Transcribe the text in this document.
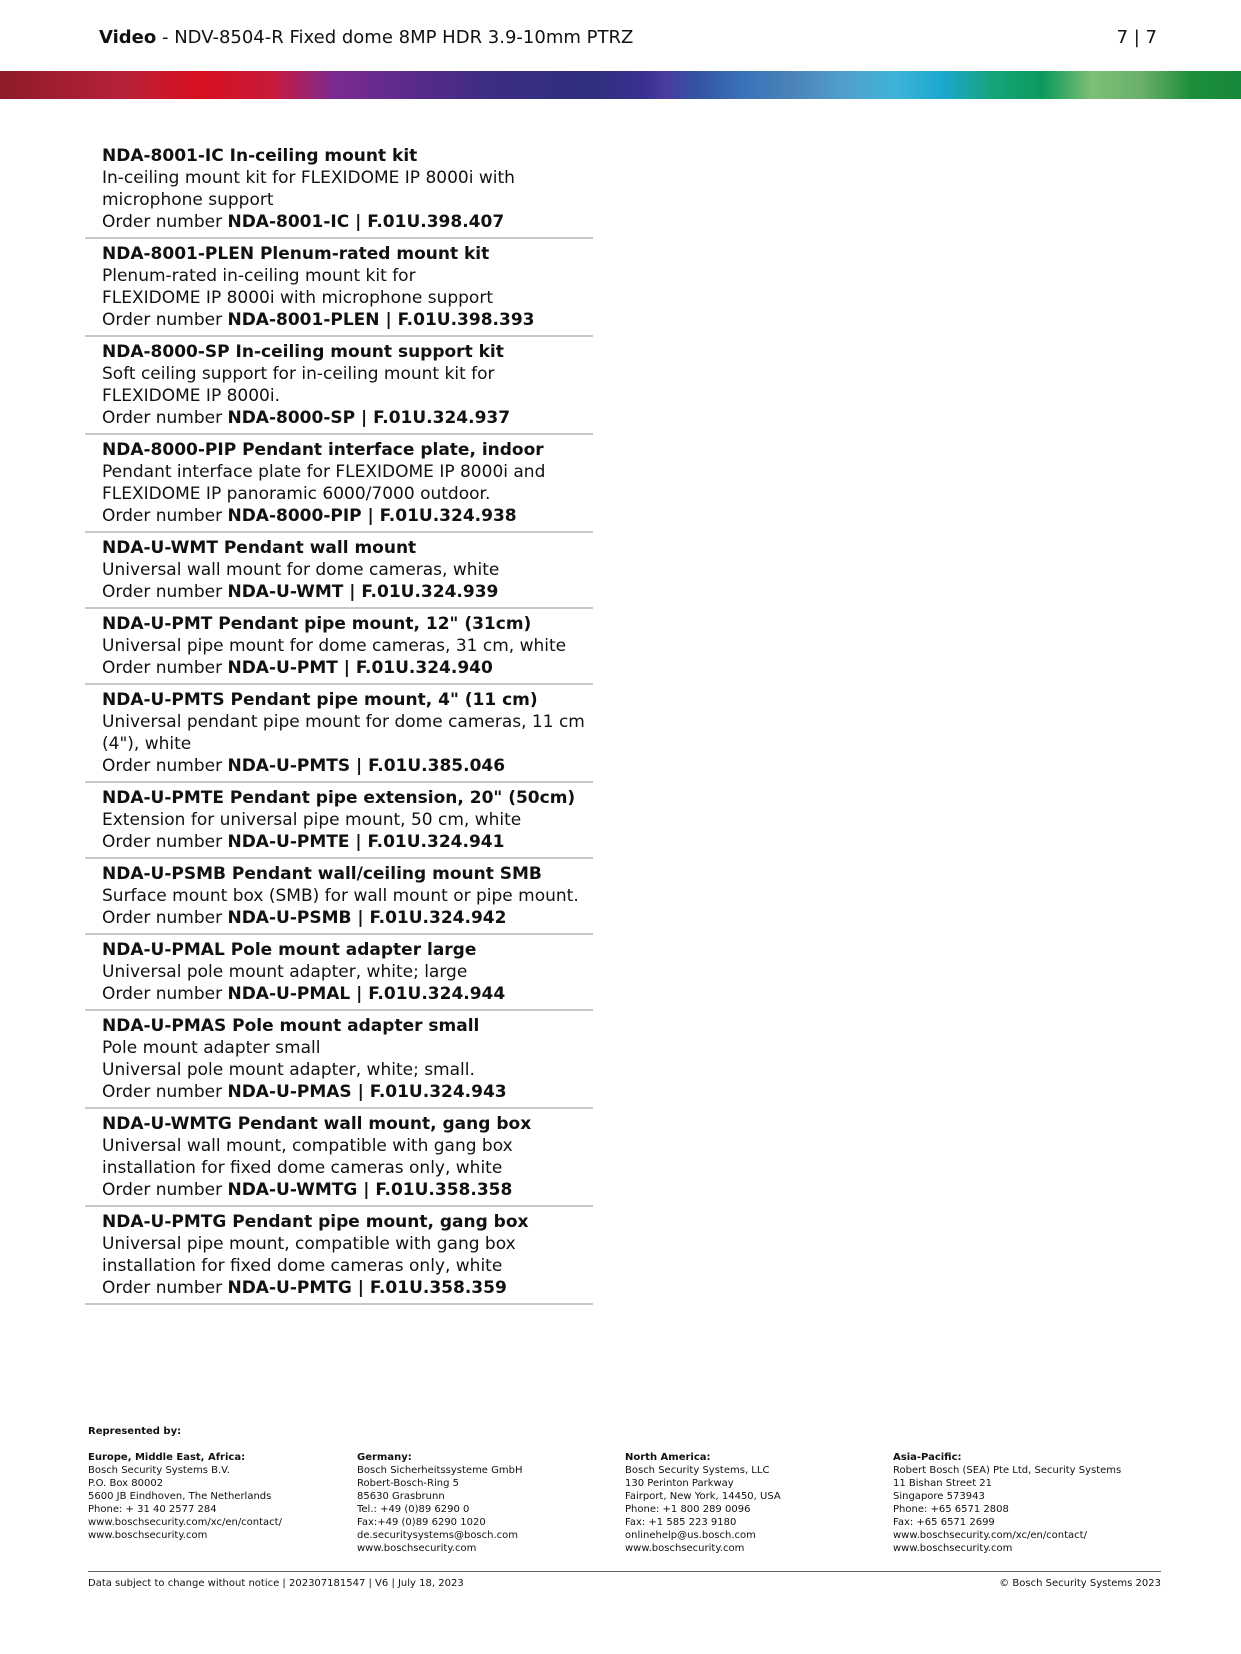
Video - NDV-8504-R Fixed dome 8MP HDR 3.9-10mm PTRZ	7 | 7
NDA-8001-IC In-ceiling mount kit
In-ceiling mount kit for FLEXIDOME IP 8000i with
microphone support
Order number NDA-8001-IC | F.01U.398.407
NDA-8001-PLEN Plenum-rated mount kit
Plenum-rated in-ceiling mount kit for
FLEXIDOME IP 8000i with microphone support
Order number NDA-8001-PLEN | F.01U.398.393
NDA-8000-SP In-ceiling mount support kit
Soft ceiling support for in-ceiling mount kit for
FLEXIDOME IP 8000i.
Order number NDA-8000-SP | F.01U.324.937
NDA-8000-PIP Pendant interface plate, indoor
Pendant interface plate for FLEXIDOME IP 8000i and
FLEXIDOME IP panoramic 6000/7000 outdoor.
Order number NDA-8000-PIP | F.01U.324.938
NDA-U-WMT Pendant wall mount
Universal wall mount for dome cameras, white
Order number NDA-U-WMT | F.01U.324.939
NDA-U-PMT Pendant pipe mount, 12" (31cm)
Universal pipe mount for dome cameras, 31 cm, white
Order number NDA-U-PMT | F.01U.324.940
NDA-U-PMTS Pendant pipe mount, 4" (11 cm)
Universal pendant pipe mount for dome cameras, 11 cm
(4"), white
Order number NDA-U-PMTS | F.01U.385.046
NDA-U-PMTE Pendant pipe extension, 20" (50cm)
Extension for universal pipe mount, 50 cm, white
Order number NDA-U-PMTE | F.01U.324.941
NDA-U-PSMB Pendant wall/ceiling mount SMB
Surface mount box (SMB) for wall mount or pipe mount.
Order number NDA-U-PSMB | F.01U.324.942
NDA-U-PMAL Pole mount adapter large
Universal pole mount adapter, white; large
Order number NDA-U-PMAL | F.01U.324.944
NDA-U-PMAS Pole mount adapter small
Pole mount adapter small
Universal pole mount adapter, white; small.
Order number NDA-U-PMAS | F.01U.324.943
NDA-U-WMTG Pendant wall mount, gang box
Universal wall mount, compatible with gang box
installation for fixed dome cameras only, white
Order number NDA-U-WMTG | F.01U.358.358
NDA-U-PMTG Pendant pipe mount, gang box
Universal pipe mount, compatible with gang box
installation for fixed dome cameras only, white
Order number NDA-U-PMTG | F.01U.358.359
Represented by:
Europe, Middle East, Africa:
Bosch Security Systems B.V.
P.O. Box 80002
5600 JB Eindhoven, The Netherlands
Phone: + 31 40 2577 284
www.boschsecurity.com/xc/en/contact/
www.boschsecurity.com
Germany:
Bosch Sicherheitssysteme GmbH
Robert-Bosch-Ring 5
85630 Grasbrunn
Tel.: +49 (0)89 6290 0
Fax:+49 (0)89 6290 1020
de.securitysystems@bosch.com
www.boschsecurity.com
North America:
Bosch Security Systems, LLC
130 Perinton Parkway
Fairport, New York, 14450, USA
Phone: +1 800 289 0096
Fax: +1 585 223 9180
onlinehelp@us.bosch.com
www.boschsecurity.com
Asia-Pacific:
Robert Bosch (SEA) Pte Ltd, Security Systems
11 Bishan Street 21
Singapore 573943
Phone: +65 6571 2808
Fax: +65 6571 2699
www.boschsecurity.com/xc/en/contact/
www.boschsecurity.com
Data subject to change without notice | 202307181547 | V6 | July 18, 2023	© Bosch Security Systems 2023
